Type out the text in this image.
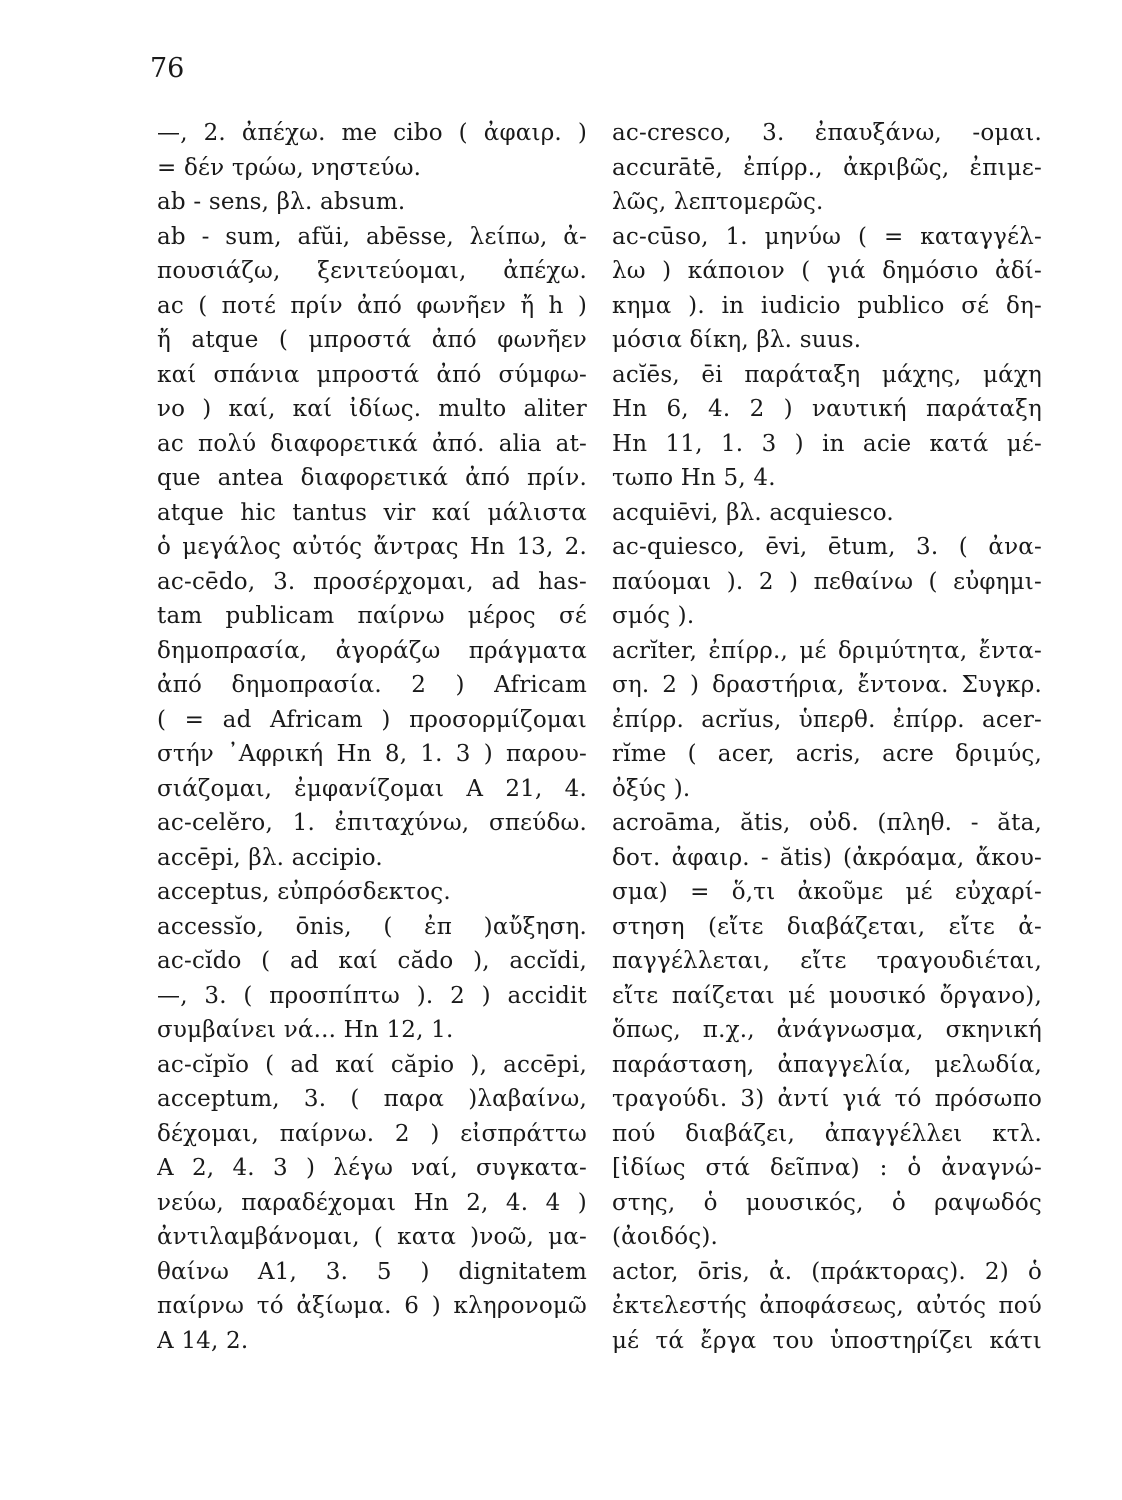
76
—, 2. ἀπέχω. me cibo ( ἀφαιρ. )
= δέν τρώω, νηστεύω.
ab - sens, βλ. absum.
ab - sum, afŭi, abēsse, λείπω, ἀ-
πουσιάζω, ξενιτεύομαι, ἀπέχω.
ac ( ποτέ πρίν ἀπό φωνῆεν ἤ h )
ἤ atque ( μπροστά ἀπό φωνῆεν
καί σπάνια μπροστά ἀπό σύμφω-
νο ) καί, καί ἰδίως. multo aliter
ac πολύ διαφορετικά ἀπό. alia at-
que antea διαφορετικά ἀπό πρίν.
atque hic tantus vir καί μάλιστα
ὁ μεγάλος αὐτός ἄντρας Hn 13, 2.
ac-cēdo, 3. προσέρχομαι, ad has-
tam publicam παίρνω μέρος σέ
δημοπρασία, ἀγοράζω πράγματα
ἀπό δημοπρασία. 2 ) Africam
( = ad Africam ) προσορμίζομαι
στήν ᾿Αφρική Hn 8, 1. 3 ) παρου-
σιάζομαι, ἐμφανίζομαι A 21, 4.
ac-celĕro, 1. ἐπιταχύνω, σπεύδω.
accēpi, βλ. accipio.
acceptus, εὐπρόσδεκτος.
accessĭo, ōnis, ( ἐπ )αὔξηση.
ac-cĭdo ( ad καί cădo ), accĭdi,
—, 3. ( προσπίπτω ). 2 ) accidit
συμβαίνει νά... Hn 12, 1.
ac-cĭpĭo ( ad καί căpio ), accēpi,
acceptum, 3. ( παρα )λαβαίνω,
δέχομαι, παίρνω. 2 ) εἰσπράττω
A 2, 4. 3 ) λέγω ναί, συγκατα-
νεύω, παραδέχομαι Hn 2, 4. 4 )
ἀντιλαμβάνομαι, ( κατα )νοῶ, μα-
θαίνω A1, 3. 5 ) dignitatem
παίρνω τό ἀξίωμα. 6 ) κληρονομῶ
A 14, 2.
ac-cresco, 3. ἐπαυξάνω, -ομαι.
accurātē, ἐπίρρ., ἀκριβῶς, ἐπιμε-
λῶς, λεπτομερῶς.
ac-cūso, 1. μηνύω ( = καταγγέλ-
λω ) κάποιον ( γιά δημόσιο ἀδί-
κημα ). in iudicio publico σέ δη-
μόσια δίκη, βλ. suus.
acĭēs, ēi παράταξη μάχης, μάχη
Hn 6, 4. 2 ) ναυτική παράταξη
Hn 11, 1. 3 ) in acie κατά μέ-
τωπο Hn 5, 4.
acquiēvi, βλ. acquiesco.
ac-quiesco, ēvi, ētum, 3. ( ἀνα-
παύομαι ). 2 ) πεθαίνω ( εὐφημι-
σμός ).
acrĭter, ἐπίρρ., μέ δριμύτητα, ἔντα-
ση. 2 ) δραστήρια, ἔντονα. Συγκρ.
ἐπίρρ. acrĭus, ὑπερθ. ἐπίρρ. acer-
rĭme ( acer, acris, acre δριμύς,
ὀξύς ).
acroāma, ătis, οὐδ. (πληθ. - ăta,
δοτ. ἀφαιρ. - ătis) (ἀκρόαμα, ἄκου-
σμα) = ὅ,τι ἀκοῦμε μέ εὐχαρί-
στηση (εἴτε διαβάζεται, εἴτε ἀ-
παγγέλλεται, εἴτε τραγουδιέται,
εἴτε παίζεται μέ μουσικό ὄργανο),
ὅπως, π.χ., ἀνάγνωσμα, σκηνική
παράσταση, ἀπαγγελία, μελωδία,
τραγούδι. 3) ἀντί γιά τό πρόσωπο
πού διαβάζει, ἀπαγγέλλει κτλ.
[ἰδίως στά δεῖπνα) : ὁ ἀναγνώ-
στης, ὁ μουσικός, ὁ ραψωδός
(ἀοιδός).
actor, ōris, ἀ. (πράκτορας). 2) ὁ
ἐκτελεστής ἀποφάσεως, αὐτός πού
μέ τά ἔργα του ὑποστηρίζει κάτι
